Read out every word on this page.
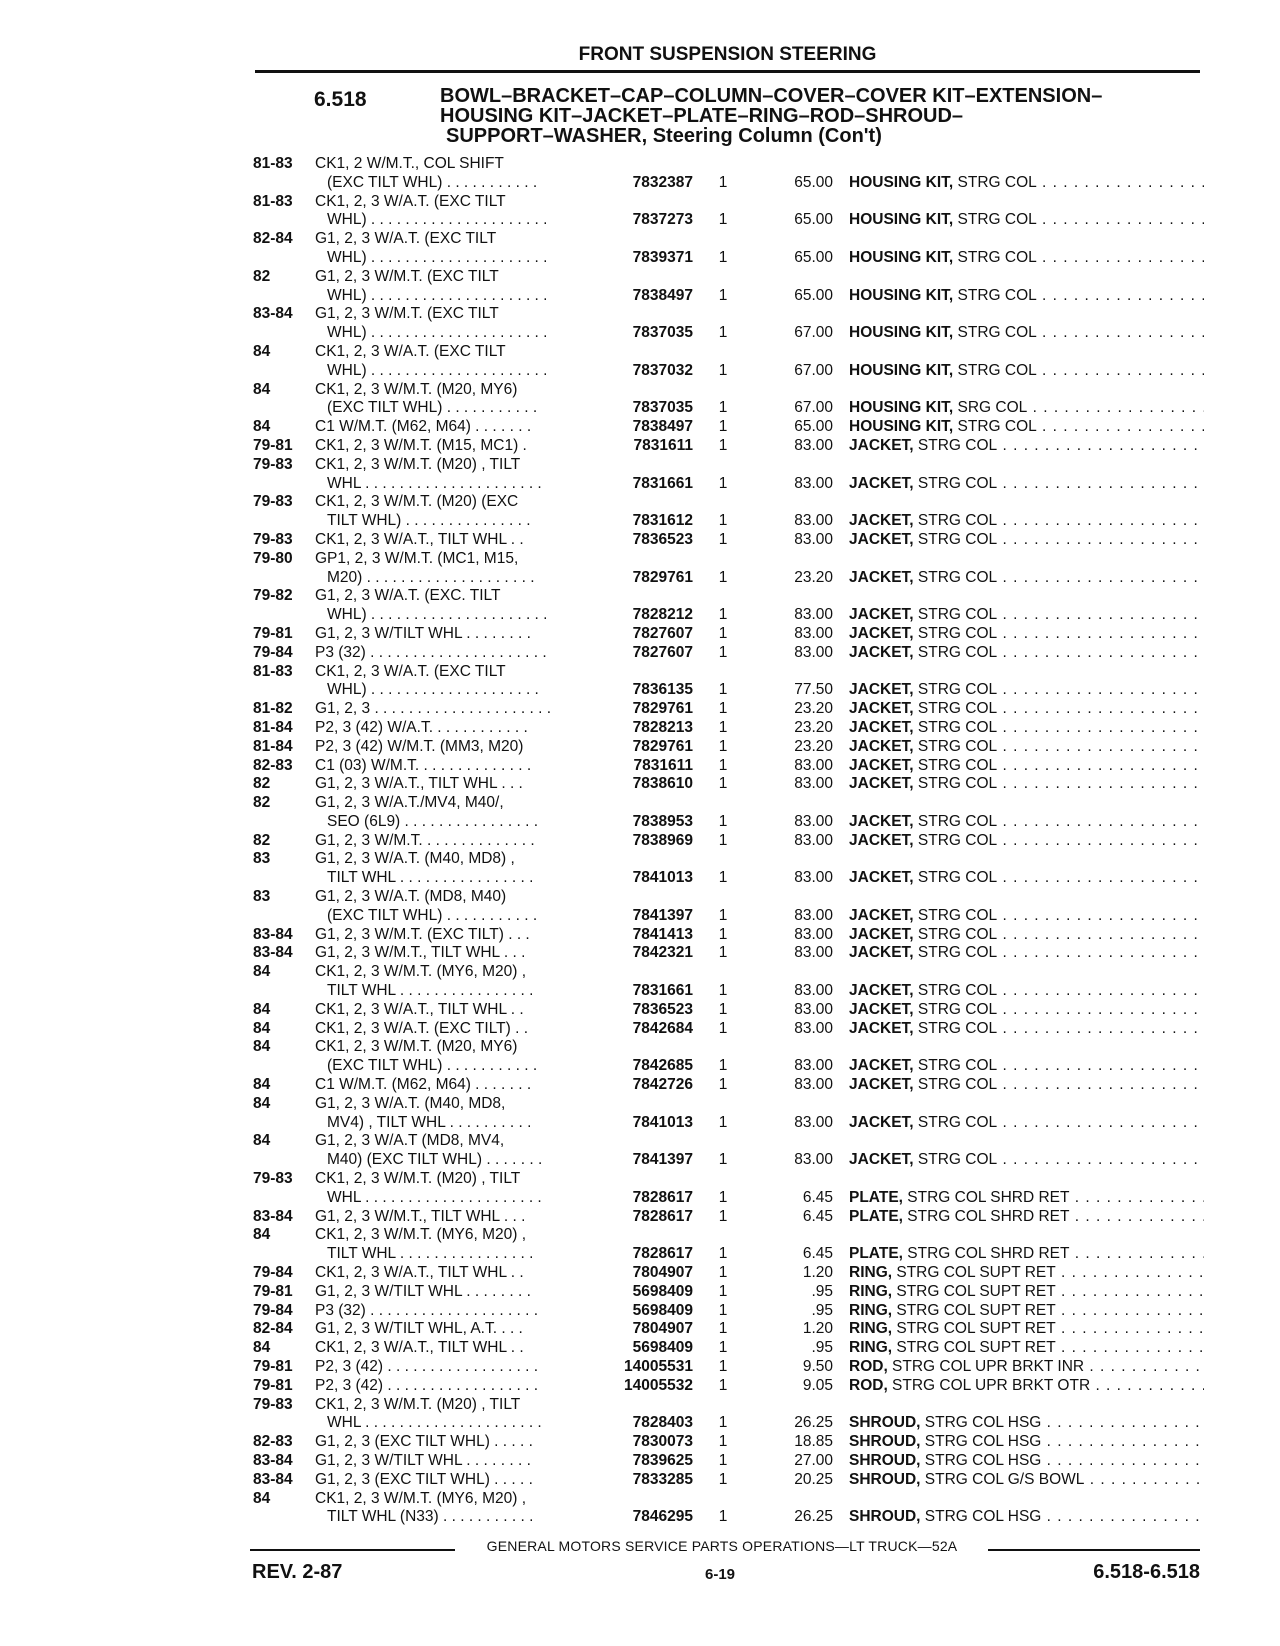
FRONT SUSPENSION STEERING
6.518	BOWL–BRACKET–CAP–COLUMN–COVER–COVER KIT–EXTENSION–
HOUSING KIT–JACKET–PLATE–RING–ROD–SHROUD–
SUPPORT–WASHER, Steering Column (Con't)
81-83	CK1, 2 W/M.T., COL SHIFT
(EXC TILT WHL) . . . . . . . . . . .	7832387	1	65.00 HOUSING KIT, STRG COL . . .
81-83	CK1, 2, 3 W/A.T. (EXC TILT
WHL) . . . . . . . . . . . . . . . . . . . . .	7837273	1	65.00 HOUSING KIT, STRG COL . . .
82-84	G1, 2, 3 W/A.T. (EXC TILT
WHL) . . . . . . . . . . . . . . . . . . . . .	7839371	1	65.00 HOUSING KIT, STRG COL . . .
82	G1, 2, 3 W/M.T. (EXC TILT
WHL) . . . . . . . . . . . . . . . . . . . . .	7838497	1	65.00 HOUSING KIT, STRG COL . . .
83-84	G1, 2, 3 W/M.T. (EXC TILT
WHL) . . . . . . . . . . . . . . . . . . . . .	7837035	1	67.00 HOUSING KIT, STRG COL . . .
84	CK1, 2, 3 W/A.T. (EXC TILT
WHL) . . . . . . . . . . . . . . . . . . . . .	7837032	1	67.00 HOUSING KIT, STRG COL . . .
84	CK1, 2, 3 W/M.T. (M20, MY6)
(EXC TILT WHL) . . . . . . . . . . .	7837035	1	67.00 HOUSING KIT, SRG COL . . .
84	C1 W/M.T. (M62, M64) . . . . . . .	7838497	1	65.00 HOUSING KIT, STRG COL . . .
79-81	CK1, 2, 3 W/M.T. (M15, MC1) .	7831611	1	83.00 JACKET, STRG COL . . .
79-83	CK1, 2, 3 W/M.T. (M20) , TILT
WHL . . . . . . . . . . . . . . . . . . . . .	7831661	1	83.00 JACKET, STRG COL . . .
79-83	CK1, 2, 3 W/M.T. (M20) (EXC
TILT WHL) . . . . . . . . . . . . . . .	7831612	1	83.00 JACKET, STRG COL . . .
79-83	CK1, 2, 3 W/A.T., TILT WHL . .	7836523	1	83.00 JACKET, STRG COL . . .
79-80	GP1, 2, 3 W/M.T. (MC1, M15,
M20) . . . . . . . . . . . . . . . . . . . .	7829761	1	23.20 JACKET, STRG COL . . .
79-82	G1, 2, 3 W/A.T. (EXC. TILT
WHL) . . . . . . . . . . . . . . . . . . . . .	7828212	1	83.00 JACKET, STRG COL . . .
79-81	G1, 2, 3 W/TILT WHL . . . . . . . .	7827607	1	83.00 JACKET, STRG COL . . .
79-84	P3 (32) . . . . . . . . . . . . . . . . . . . . .	7827607	1	83.00 JACKET, STRG COL . . .
81-83	CK1, 2, 3 W/A.T. (EXC TILT
WHL) . . . . . . . . . . . . . . . . . . . .	7836135	1	77.50 JACKET, STRG COL . . .
81-82	G1, 2, 3 . . . . . . . . . . . . . . . . . . . . .	7829761	1	23.20 JACKET, STRG COL . . .
81-84	P2, 3 (42) W/A.T. . . . . . . . . . . .	7828213	1	23.20 JACKET, STRG COL . . .
81-84	P2, 3 (42) W/M.T. (MM3, M20)	7829761	1	23.20 JACKET, STRG COL . . .
82-83	C1 (03) W/M.T. . . . . . . . . . . . . .	7831611	1	83.00 JACKET, STRG COL . . .
82	G1, 2, 3 W/A.T., TILT WHL . . .	7838610	1	83.00 JACKET, STRG COL . . .
82	G1, 2, 3 W/A.T./MV4, M40/,
SEO (6L9) . . . . . . . . . . . . . . . .	7838953	1	83.00 JACKET, STRG COL . . .
82	G1, 2, 3 W/M.T. . . . . . . . . . . . . .	7838969	1	83.00 JACKET, STRG COL . . .
83	G1, 2, 3 W/A.T. (M40, MD8) ,
TILT WHL . . . . . . . . . . . . . . . .	7841013	1	83.00 JACKET, STRG COL . . .
83	G1, 2, 3 W/A.T. (MD8, M40)
(EXC TILT WHL) . . . . . . . . . . .	7841397	1	83.00 JACKET, STRG COL . . .
83-84	G1, 2, 3 W/M.T. (EXC TILT) . . .	7841413	1	83.00 JACKET, STRG COL . . .
83-84	G1, 2, 3 W/M.T., TILT WHL . . .	7842321	1	83.00 JACKET, STRG COL . . .
84	CK1, 2, 3 W/M.T. (MY6, M20) ,
TILT WHL . . . . . . . . . . . . . . . .	7831661	1	83.00 JACKET, STRG COL . . .
84	CK1, 2, 3 W/A.T., TILT WHL . .	7836523	1	83.00 JACKET, STRG COL . . .
84	CK1, 2, 3 W/A.T. (EXC TILT) . .	7842684	1	83.00 JACKET, STRG COL . . .
84	CK1, 2, 3 W/M.T. (M20, MY6)
(EXC TILT WHL) . . . . . . . . . . .	7842685	1	83.00 JACKET, STRG COL . . .
84	C1 W/M.T. (M62, M64) . . . . . . .	7842726	1	83.00 JACKET, STRG COL . . .
84	G1, 2, 3 W/A.T. (M40, MD8,
MV4) , TILT WHL . . . . . . . . . .	7841013	1	83.00 JACKET, STRG COL . . .
84	G1, 2, 3 W/A.T (MD8, MV4,
M40) (EXC TILT WHL) . . . . . . .	7841397	1	83.00 JACKET, STRG COL . . .
79-83	CK1, 2, 3 W/M.T. (M20) , TILT
WHL . . . . . . . . . . . . . . . . . . . . .	7828617	1	6.45 PLATE, STRG COL SHRD RET . . .
83-84	G1, 2, 3 W/M.T., TILT WHL . . .	7828617	1	6.45 PLATE, STRG COL SHRD RET . . .
84	CK1, 2, 3 W/M.T. (MY6, M20) ,
TILT WHL . . . . . . . . . . . . . . . .	7828617	1	6.45 PLATE, STRG COL SHRD RET . . .
79-84	CK1, 2, 3 W/A.T., TILT WHL . .	7804907	1	1.20 RING, STRG COL SUPT RET . . .
79-81	G1, 2, 3 W/TILT WHL . . . . . . . .	5698409	1	.95 RING, STRG COL SUPT RET . . .
79-84	P3 (32) . . . . . . . . . . . . . . . . . . . .	5698409	1	.95 RING, STRG COL SUPT RET . . .
82-84	G1, 2, 3 W/TILT WHL, A.T. . . .	7804907	1	1.20 RING, STRG COL SUPT RET . . .
84	CK1, 2, 3 W/A.T., TILT WHL . .	5698409	1	.95 RING, STRG COL SUPT RET . . .
79-81	P2, 3 (42) . . . . . . . . . . . . . . . . . .	14005531	1	9.50 ROD, STRG COL UPR BRKT INR . . .
79-81	P2, 3 (42) . . . . . . . . . . . . . . . . . .	14005532	1	9.05 ROD, STRG COL UPR BRKT OTR . . .
79-83	CK1, 2, 3 W/M.T. (M20) , TILT
WHL . . . . . . . . . . . . . . . . . . . . .	7828403	1	26.25 SHROUD, STRG COL HSG . . .
82-83	G1, 2, 3 (EXC TILT WHL) . . . . .	7830073	1	18.85 SHROUD, STRG COL HSG . . .
83-84	G1, 2, 3 W/TILT WHL . . . . . . . .	7839625	1	27.00 SHROUD, STRG COL HSG . . .
83-84	G1, 2, 3 (EXC TILT WHL) . . . . .	7833285	1	20.25 SHROUD, STRG COL G/S BOWL . . .
84	CK1, 2, 3 W/M.T. (MY6, M20) ,
TILT WHL (N33) . . . . . . . . . . .	7846295	1	26.25 SHROUD, STRG COL HSG . . .
GENERAL MOTORS SERVICE PARTS OPERATIONS—LT TRUCK—52A
REV. 2-87	6-19	6.518-6.518
